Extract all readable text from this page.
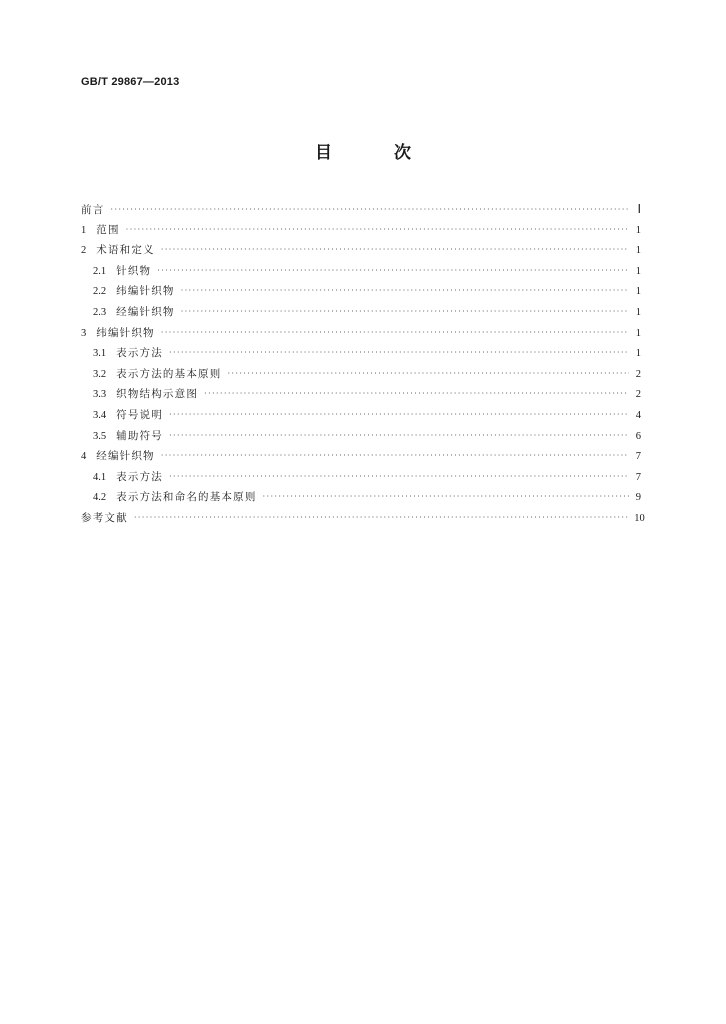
GB/T 29867—2013
目 次
前言 ·····	Ⅰ
1 范围 ·····	1
2 术语和定义 ·····	1
2.1 针织物 ·····	1
2.2 纬编针织物 ·····	1
2.3 经编针织物 ·····	1
3 纬编针织物 ·····	1
3.1 表示方法 ·····	1
3.2 表示方法的基本原则 ·····	2
3.3 织物结构示意图 ·····	2
3.4 符号说明 ·····	4
3.5 辅助符号 ·····	6
4 经编针织物 ·····	7
4.1 表示方法 ·····	7
4.2 表示方法和命名的基本原则 ·····	9
参考文献 ·····	10
